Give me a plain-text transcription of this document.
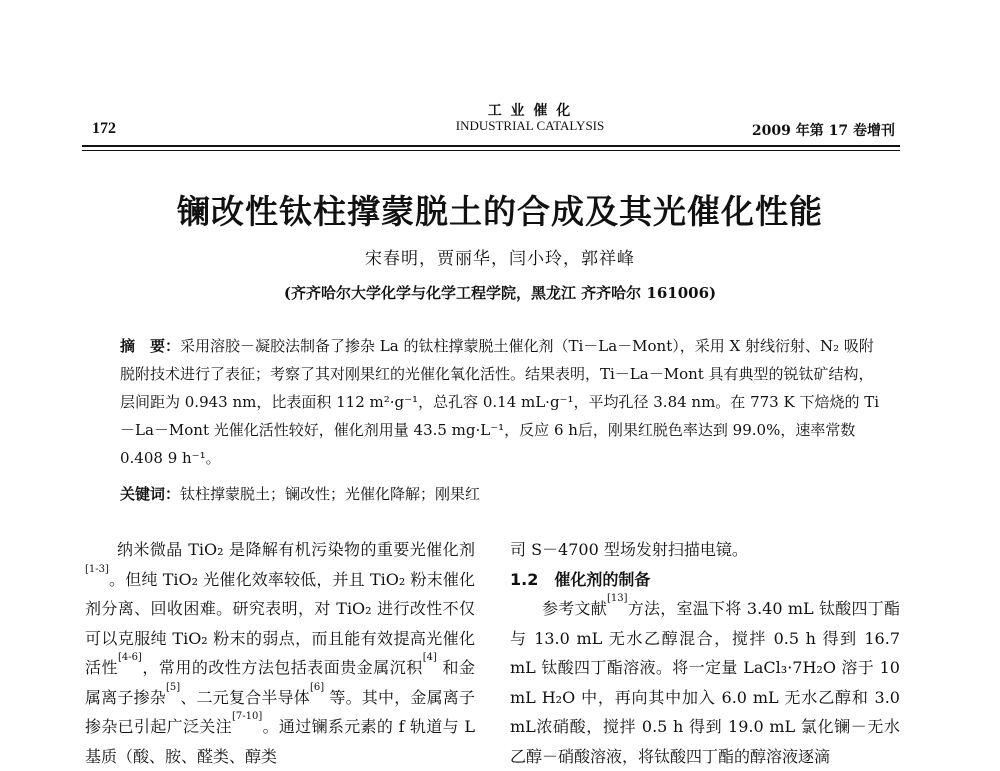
172
工 业 催 化
INDUSTRIAL CATALYSIS	2009 年第 17 卷增刊
镧改性钛柱撑蒙脱土的合成及其光催化性能
宋春明，贾丽华，闫小玲，郭祥峰
(齐齐哈尔大学化学与化学工程学院，黑龙江 齐齐哈尔 161006)
摘　要：采用溶胶－凝胶法制备了掺杂 La 的钛柱撑蒙脱土催化剂（Ti－La－Mont），采用 X 射线衍射、N₂ 吸附脱附技术进行了表征；考察了其对刚果红的光催化氧化活性。结果表明，Ti－La－Mont 具有典型的锐钛矿结构，层间距为 0.943 nm，比表面积 112 m²·g⁻¹，总孔容 0.14 mL·g⁻¹，平均孔径 3.84 nm。在 773 K 下焙烧的 Ti－La－Mont 光催化活性较好，催化剂用量 43.5 mg·L⁻¹，反应 6 h后，刚果红脱色率达到 99.0%，速率常数 0.408 9 h⁻¹。
关键词：钛柱撑蒙脱土；镧改性；光催化降解；刚果红
纳米微晶 TiO₂ 是降解有机污染物的重要光催化剂[1-3]。但纯 TiO₂ 光催化效率较低，并且 TiO₂ 粉末催化剂分离、回收困难。研究表明，对 TiO₂ 进行改性不仅可以克服纯 TiO₂ 粉末的弱点，而且能有效提高光催化活性[4-6]，常用的改性方法包括表面贵金属沉积[4] 和金属离子掺杂[5]、二元复合半导体[6] 等。其中，金属离子掺杂已引起广泛关注[7-10]。通过镧系元素的 f 轨道与 L 基质（酸、胺、醛类、醇类
司 S－4700 型场发射扫描电镜。
1.2　催化剂的制备
参考文献[13]方法，室温下将 3.40 mL 钛酸四丁酯与 13.0 mL 无水乙醇混合，搅拌 0.5 h 得到 16.7 mL 钛酸四丁酯溶液。将一定量 LaCl₃·7H₂O 溶于 10 mL H₂O 中，再向其中加入 6.0 mL 无水乙醇和 3.0 mL浓硝酸，搅拌 0.5 h 得到 19.0 mL 氯化镧－无水乙醇－硝酸溶液，将钛酸四丁酯的醇溶液逐滴
